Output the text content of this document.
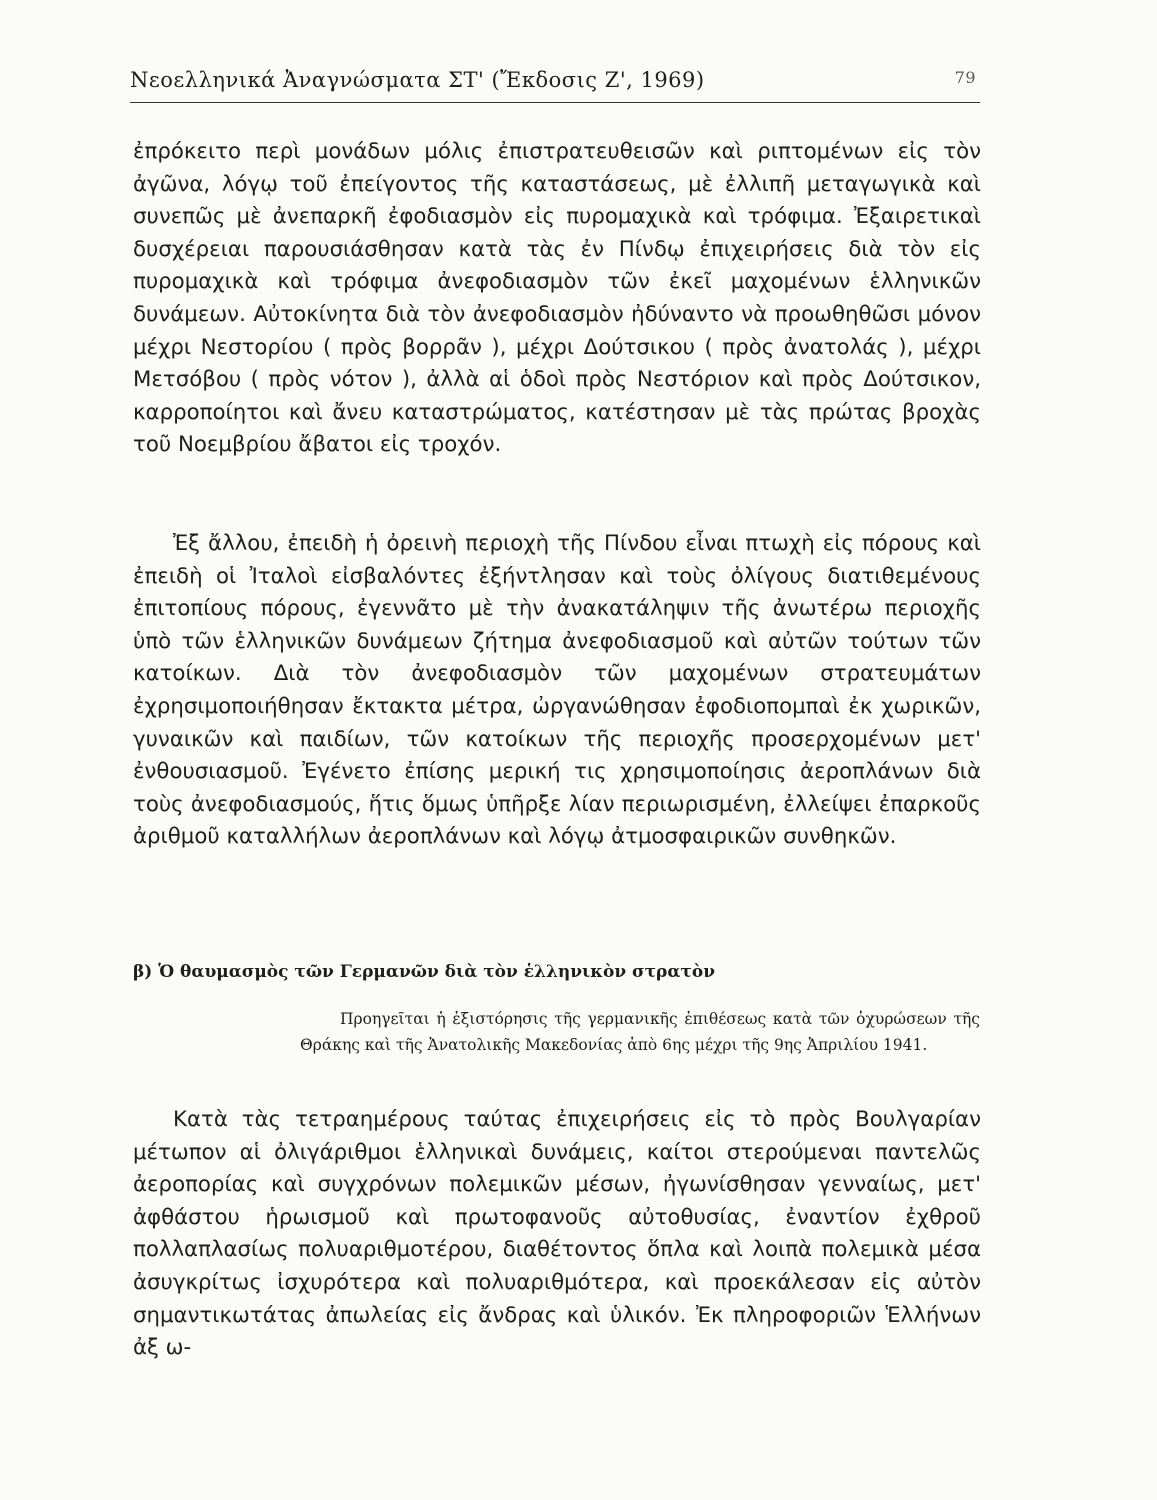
Νεοελληνικά Ἀναγνώσματα ΣΤ' (Ἔκδοσις Ζ', 1969)	79

ἐπρόκειτο περὶ μονάδων μόλις ἐπιστρατευθεισῶν καὶ ριπτομένων εἰς τὸν ἀγῶνα, λόγῳ τοῦ ἐπείγοντος τῆς καταστάσεως, μὲ ἐλλιπῆ μεταγωγικὰ καὶ συνεπῶς μὲ ἀνεπαρκῆ ἐφοδιασμὸν εἰς πυρομαχικὰ καὶ τρόφιμα. Ἐξαιρετικαὶ δυσχέρειαι παρουσιάσθησαν κατὰ τὰς ἐν Πίνδῳ ἐπιχειρήσεις διὰ τὸν εἰς πυρομαχικὰ καὶ τρόφιμα ἀνεφοδιασμὸν τῶν ἐκεῖ μαχομένων ἑλληνικῶν δυνάμεων. Αὐτοκίνητα διὰ τὸν ἀνεφοδιασμὸν ἠδύναντο νὰ προωθηθῶσι μόνον μέχρι Νεστορίου ( πρὸς βορρᾶν ), μέχρι Δούτσικου ( πρὸς ἀνατολάς ), μέχρι Μετσόβου ( πρὸς νότον ), ἀλλὰ αἱ ὁδοὶ πρὸς Νεστόριον καὶ πρὸς Δούτσικον, καρροποίητοι καὶ ἄνευ καταστρώματος, κατέστησαν μὲ τὰς πρώτας βροχὰς τοῦ Νοεμβρίου ἄβατοι εἰς τροχόν.

Ἐξ ἄλλου, ἐπειδὴ ἡ ὀρεινὴ περιοχὴ τῆς Πίνδου εἶναι πτωχὴ εἰς πόρους καὶ ἐπειδὴ οἱ Ἰταλοὶ εἰσβαλόντες ἐξήντλησαν καὶ τοὺς ὀλίγους διατιθεμένους ἐπιτοπίους πόρους, ἐγεννᾶτο μὲ τὴν ἀνακατάληψιν τῆς ἀνωτέρω περιοχῆς ὑπὸ τῶν ἑλληνικῶν δυνάμεων ζήτημα ἀνεφοδιασμοῦ καὶ αὐτῶν τούτων τῶν κατοίκων. Διὰ τὸν ἀνεφοδιασμὸν τῶν μαχομένων στρατευμάτων ἐχρησιμοποιήθησαν ἔκτακτα μέτρα, ὠργανώθησαν ἐφοδιοπομπαὶ ἐκ χωρικῶν, γυναικῶν καὶ παιδίων, τῶν κατοίκων τῆς περιοχῆς προσερχομένων μετ' ἐνθουσιασμοῦ. Ἐγένετο ἐπίσης μερική τις χρησιμοποίησις ἀεροπλάνων διὰ τοὺς ἀνεφοδιασμούς, ἥτις ὅμως ὑπῆρξε λίαν περιωρισμένη, ἐλλείψει ἐπαρκοῦς ἀριθμοῦ καταλλήλων ἀεροπλάνων καὶ λόγῳ ἀτμοσφαιρικῶν συνθηκῶν.

β) Ὁ θαυμασμὸς τῶν Γερμανῶν διὰ τὸν ἑλληνικὸν στρατὸν

Προηγεῖται ἡ ἐξιστόρησις τῆς γερμανικῆς ἐπιθέσεως κατὰ τῶν ὀχυρώσεων τῆς Θράκης καὶ τῆς Ἀνατολικῆς Μακεδονίας ἀπὸ 6ης μέχρι τῆς 9ης Ἀπριλίου 1941.

Κατὰ τὰς τετραημέρους ταύτας ἐπιχειρήσεις εἰς τὸ πρὸς Βουλγαρίαν μέτωπον αἱ ὀλιγάριθμοι ἑλληνικαὶ δυνάμεις, καίτοι στερούμεναι παντελῶς ἀεροπορίας καὶ συγχρόνων πολεμικῶν μέσων, ἠγωνίσθησαν γενναίως, μετ' ἀφθάστου ἡρωισμοῦ καὶ πρωτοφανοῦς αὐτοθυσίας, ἐναντίον ἐχθροῦ πολλαπλασίως πολυαριθμοτέρου, διαθέτοντος ὅπλα καὶ λοιπὰ πολεμικὰ μέσα ἀσυγκρίτως ἰσχυρότερα καὶ πολυαριθμότερα, καὶ προεκάλεσαν εἰς αὐτὸν σημαντικωτάτας ἀπωλείας εἰς ἄνδρας καὶ ὑλικόν. Ἐκ πληροφοριῶν Ἑλλήνων ἀξ ω-
